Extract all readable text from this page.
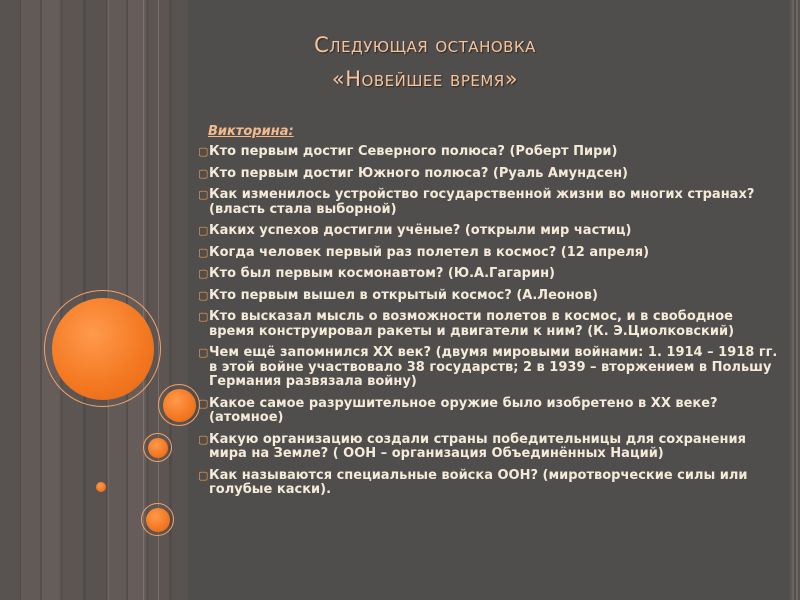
Следующая остановка
«Новейшее время»
Викторина:
▢ Кто первым достиг Северного полюса? (Роберт Пири)
▢ Кто первым достиг Южного полюса? (Руаль Амундсен)
▢ Как изменилось устройство государственной жизни во многих странах? (власть стала выборной)
▢ Каких успехов достигли учёные? (открыли мир частиц)
▢ Когда человек первый раз полетел в космос? (12 апреля)
▢ Кто был первым космонавтом? (Ю.А.Гагарин)
▢ Кто первым вышел в открытый космос? (А.Леонов)
▢ Кто высказал мысль о возможности полетов в космос, и в свободное время конструировал ракеты и двигатели к ним? (К. Э.Циолковский)
▢ Чем ещё запомнился ХХ век? (двумя мировыми войнами: 1. 1914 – 1918 гг. в этой войне участвовало 38 государств; 2 в 1939 – вторжением в Польшу Германия развязала войну)
▢ Какое самое разрушительное оружие было изобретено в ХХ веке? (атомное)
▢ Какую организацию создали страны победительницы для сохранения мира на Земле? ( ООН – организация Объединённых Наций)
▢ Как называются специальные войска ООН? (миротворческие силы или голубые каски).
